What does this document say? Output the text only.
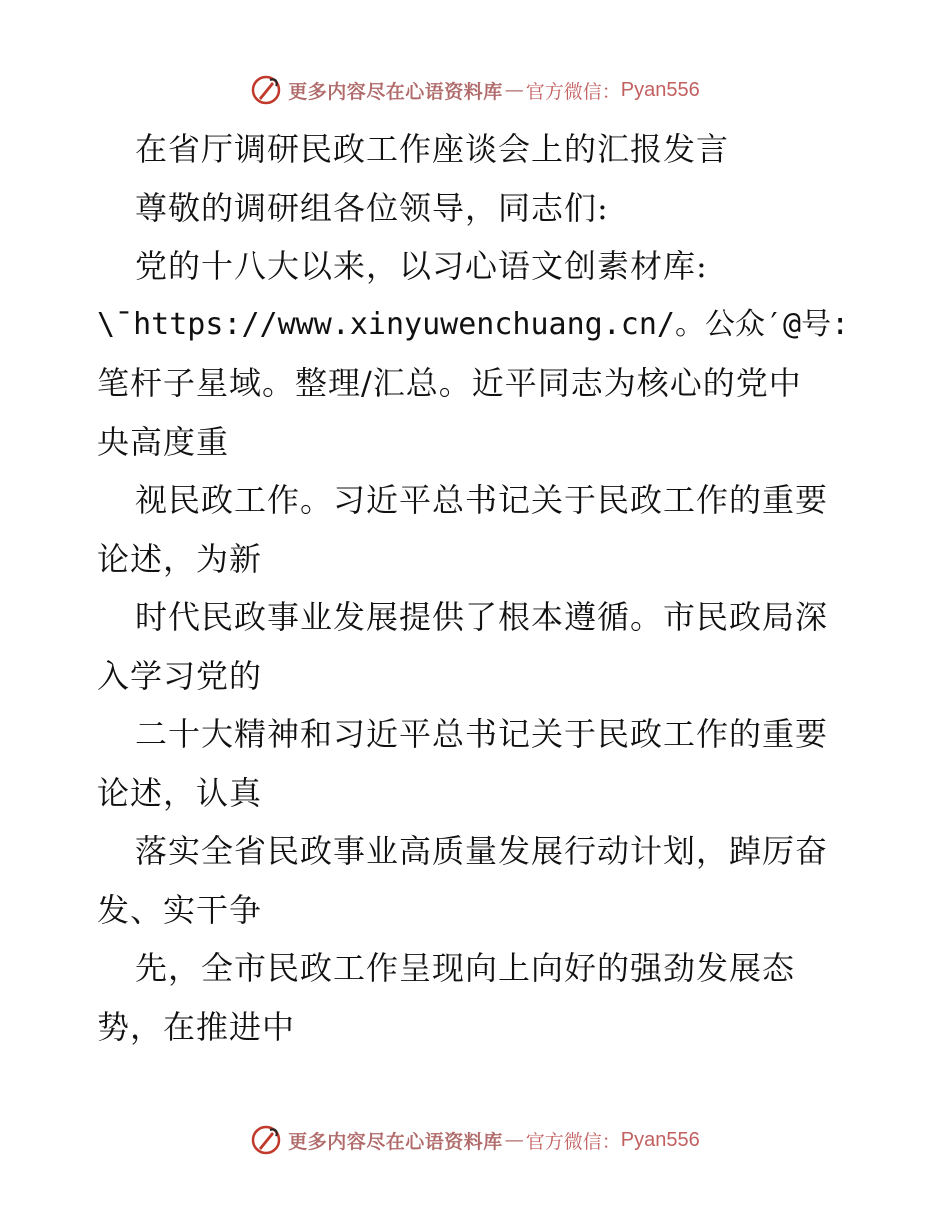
更多内容尽在心语资料库 — 官方微信： Pyan556
在省厅调研民政工作座谈会上的汇报发言
尊敬的调研组各位领导，同志们:
党的十八大以来，以习心语文创素材库:
\¯https://www.xinyuwenchuang.cn/。公众′@号:
笔杆子星域。整理/汇总。近平同志为核心的党中
央高度重
视民政工作。习近平总书记关于民政工作的重要
论述，为新
时代民政事业发展提供了根本遵循。市民政局深
入学习党的
二十大精神和习近平总书记关于民政工作的重要
论述，认真
落实全省民政事业高质量发展行动计划，踔厉奋
发、实干争
先，全市民政工作呈现向上向好的强劲发展态
势，在推进中
更多内容尽在心语资料库 — 官方微信： Pyan556
